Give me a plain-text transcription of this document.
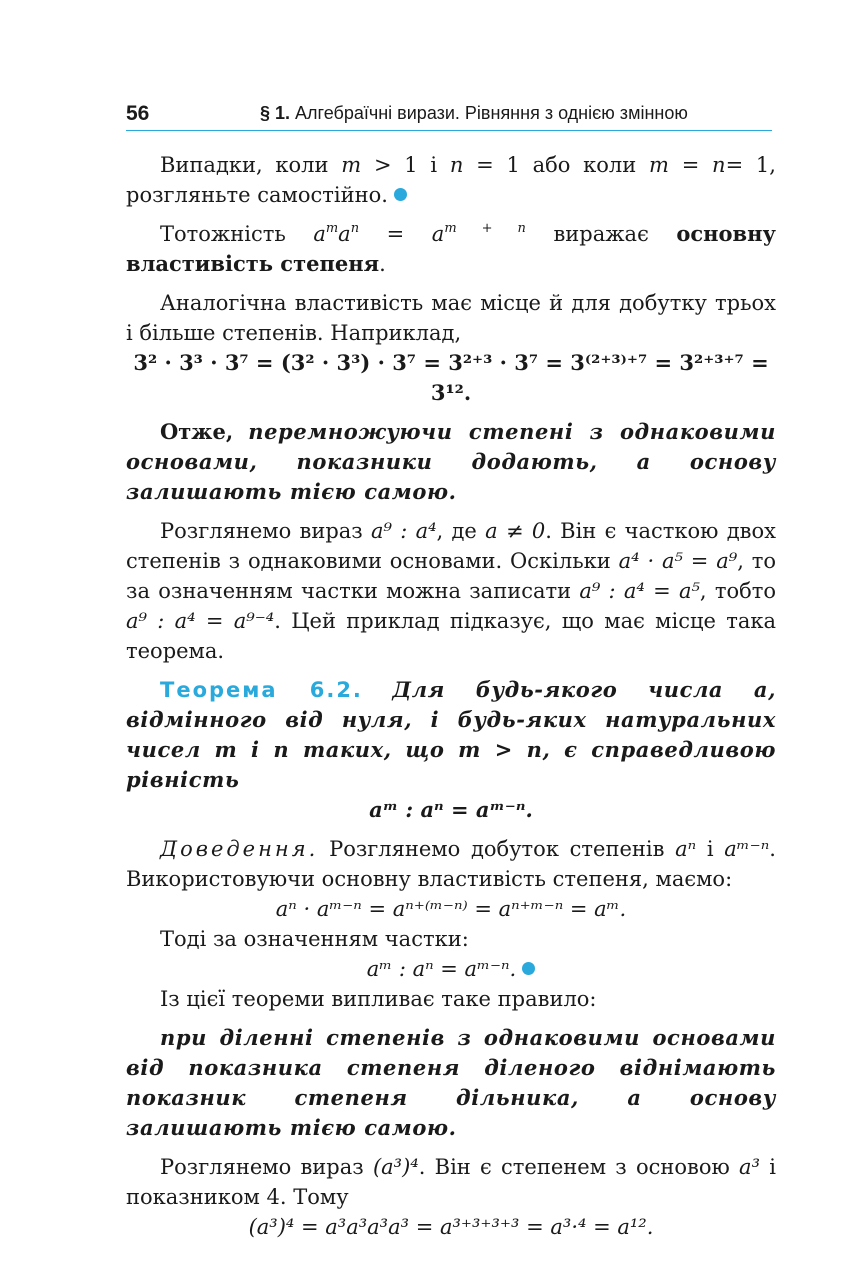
56	§ 1. Алгебраїчні вирази. Рівняння з однією змінною

Випадки, коли m > 1 і n = 1 або коли m = n= 1, розгляньте самостійно.

Тотожність $a^ma^n = a^{m + n}$ виражає основну властивість степеня.

Аналогічна властивість має місце й для добутку трьох і більше степенів. Наприклад,

3² · 3³ · 3⁷ = (3² · 3³) · 3⁷ = 3²⁺³ · 3⁷ = 3⁽²⁺³⁾⁺⁷ = 3²⁺³⁺⁷ = 3¹².

Отже, перемножуючи степені з однаковими основами, показники додають, а основу залишають тією самою.

Розглянемо вираз a⁹ : a⁴, де a ≠ 0. Він є часткою двох степенів з однаковими основами. Оскільки a⁴ · a⁵ = a⁹, то за означенням частки можна записати a⁹ : a⁴ = a⁵, тобто a⁹ : a⁴ = a⁹⁻⁴. Цей приклад підказує, що має місце така теорема.

Теорема 6.2. Для будь-якого числа a, відмінного від нуля, і будь-яких натуральних чисел m і n таких, що m > n, є справедливою рівність

aᵐ : aⁿ = aᵐ⁻ⁿ.

Доведення. Розглянемо добуток степенів aⁿ і aᵐ⁻ⁿ. Використовуючи основну властивість степеня, маємо:

aⁿ · aᵐ⁻ⁿ = aⁿ⁺⁽ᵐ⁻ⁿ⁾ = aⁿ⁺ᵐ⁻ⁿ = aᵐ.

Тоді за означенням частки:

aᵐ : aⁿ = aᵐ⁻ⁿ.

Із цієї теореми випливає таке правило:

при діленні степенів з однаковими основами від показника степеня діленого віднімають показник степеня дільника, а основу залишають тією самою.

Розглянемо вираз (a³)⁴. Він є степенем з основою a³ і показником 4. Тому

(a³)⁴ = a³a³a³a³ = a³⁺³⁺³⁺³ = a³·⁴ = a¹².
